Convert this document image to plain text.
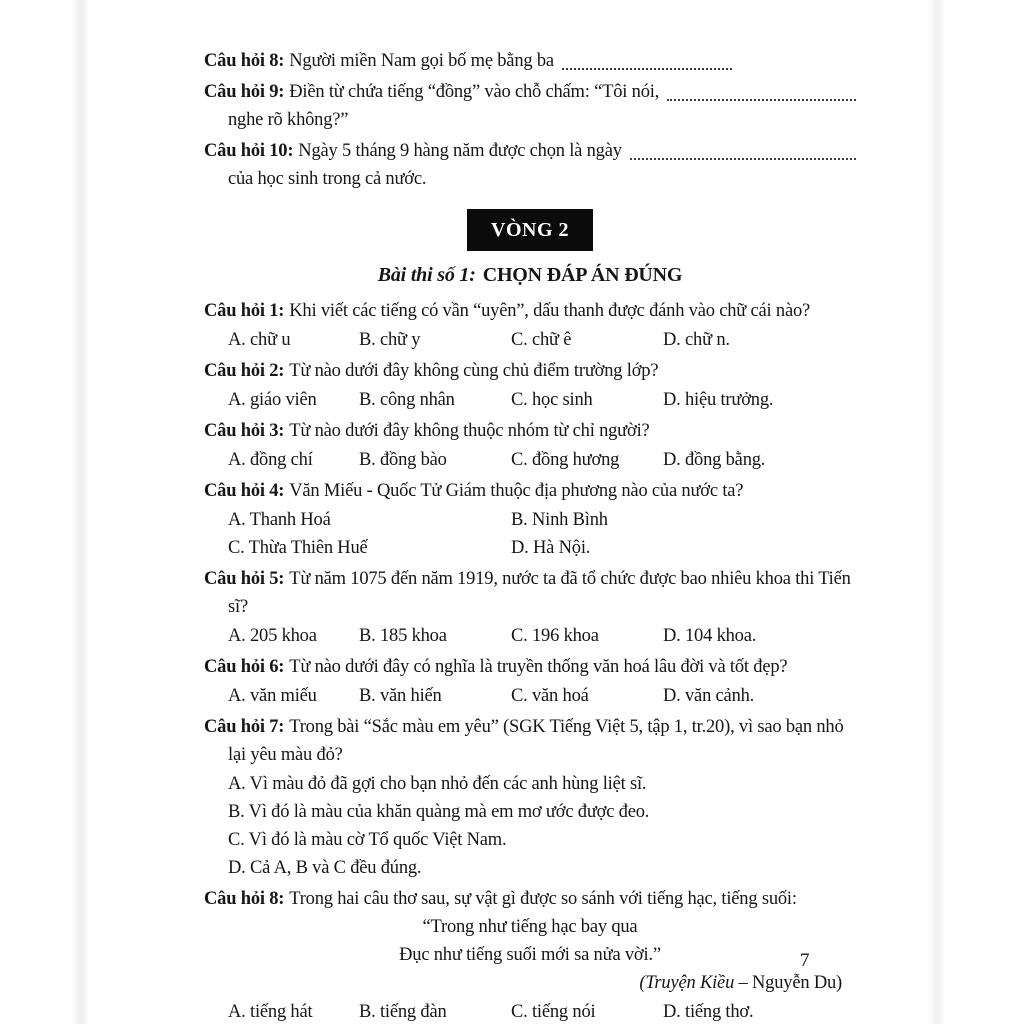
Câu hỏi 8: Người miền Nam gọi bố mẹ bằng ba
Câu hỏi 9: Điền từ chứa tiếng “đồng” vào chỗ chấm: “Tôi nói,
nghe rõ không?”
Câu hỏi 10: Ngày 5 tháng 9 hàng năm được chọn là ngày
của học sinh trong cả nước.
VÒNG 2
Bài thi số 1: CHỌN ĐÁP ÁN ĐÚNG
Câu hỏi 1: Khi viết các tiếng có vần “uyên”, dấu thanh được đánh vào chữ cái nào?
A. chữ u	B. chữ y	C. chữ ê	D. chữ n.
Câu hỏi 2: Từ nào dưới đây không cùng chủ điểm trường lớp?
A. giáo viên	B. công nhân	C. học sinh	D. hiệu trưởng.
Câu hỏi 3: Từ nào dưới đây không thuộc nhóm từ chỉ người?
A. đồng chí	B. đồng bào	C. đồng hương	D. đồng bằng.
Câu hỏi 4: Văn Miếu - Quốc Tử Giám thuộc địa phương nào của nước ta?
A. Thanh Hoá	B. Ninh Bình
C. Thừa Thiên Huế	D. Hà Nội.
Câu hỏi 5: Từ năm 1075 đến năm 1919, nước ta đã tổ chức được bao nhiêu khoa thi Tiến sĩ?
A. 205 khoa	B. 185 khoa	C. 196 khoa	D. 104 khoa.
Câu hỏi 6: Từ nào dưới đây có nghĩa là truyền thống văn hoá lâu đời và tốt đẹp?
A. văn miếu	B. văn hiến	C. văn hoá	D. văn cảnh.
Câu hỏi 7: Trong bài “Sắc màu em yêu” (SGK Tiếng Việt 5, tập 1, tr.20), vì sao bạn nhỏ lại yêu màu đỏ?
A. Vì màu đỏ đã gợi cho bạn nhỏ đến các anh hùng liệt sĩ.
B. Vì đó là màu của khăn quàng mà em mơ ước được đeo.
C. Vì đó là màu cờ Tổ quốc Việt Nam.
D. Cả A, B và C đều đúng.
Câu hỏi 8: Trong hai câu thơ sau, sự vật gì được so sánh với tiếng hạc, tiếng suối:
“Trong như tiếng hạc bay qua
Đục như tiếng suối mới sa nửa vời.”
(Truyện Kiều – Nguyễn Du)
A. tiếng hát	B. tiếng đàn	C. tiếng nói	D. tiếng thơ.
7
